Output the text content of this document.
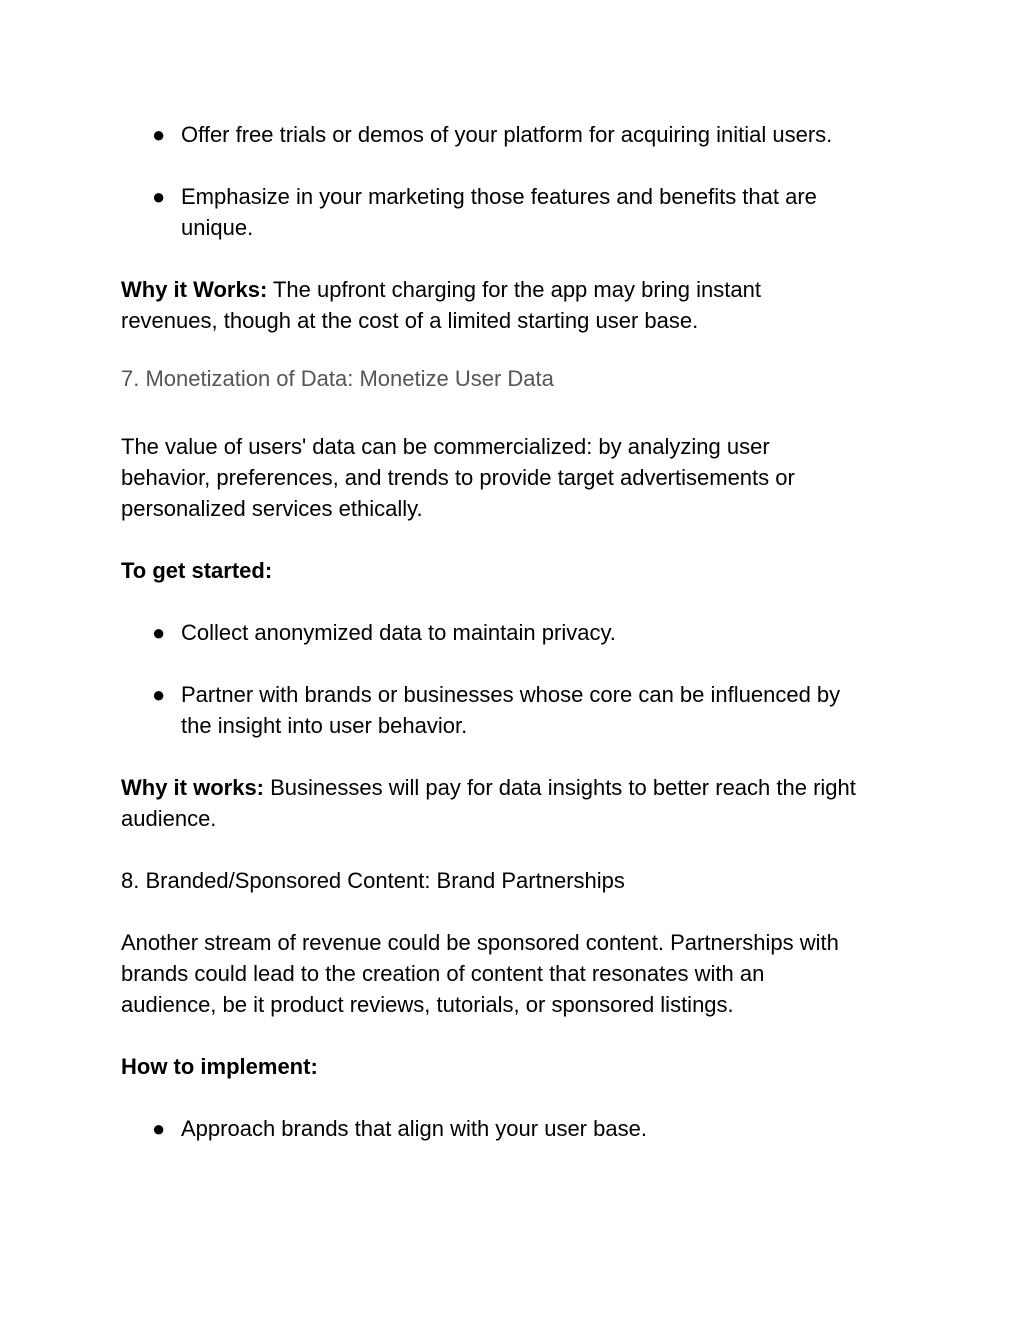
● Offer free trials or demos of your platform for acquiring initial users.
● Emphasize in your marketing those features and benefits that are
unique.

Why it Works: The upfront charging for the app may bring instant

revenues, though at the cost of a limited starting user base.

7. Monetization of Data: Monetize User Data

The value of users' data can be commercialized: by analyzing user

behavior, preferences, and trends to provide target advertisements or

personalized services ethically.

To get started:

● Collect anonymized data to maintain privacy.
● Partner with brands or businesses whose core can be influenced by
the insight into user behavior.

Why it works: Businesses will pay for data insights to better reach the right

audience.

8. Branded/Sponsored Content: Brand Partnerships

Another stream of revenue could be sponsored content. Partnerships with

brands could lead to the creation of content that resonates with an

audience, be it product reviews, tutorials, or sponsored listings.

How to implement:

● Approach brands that align with your user base.
